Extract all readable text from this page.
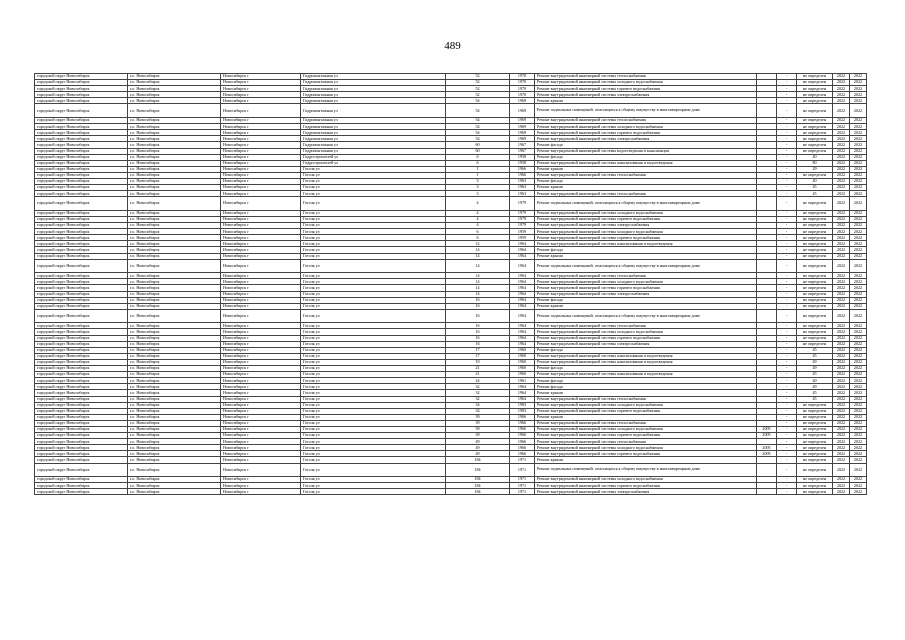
489
городской округ Новосибирск	г.о. Новосибирск	Новосибирск г	Гидромонтажная ул	52	1970	Ремонт внутридомовой инженерной системы теплоснабжения		-	не определен	2022	2022
городской округ Новосибирск	г.о. Новосибирск	Новосибирск г	Гидромонтажная ул	52	1970	Ремонт внутридомовой инженерной системы холодного водоснабжения		-	не определен	2022	2022
городской округ Новосибирск	г.о. Новосибирск	Новосибирск г	Гидромонтажная ул	52	1970	Ремонт внутридомовой инженерной системы горячего водоснабжения		-	не определен	2022	2022
городской округ Новосибирск	г.о. Новосибирск	Новосибирск г	Гидромонтажная ул	52	1970	Ремонт внутридомовой инженерной системы электроснабжения		-	не определен	2022	2022
городской округ Новосибирск	г.о. Новосибирск	Новосибирск г	Гидромонтажная ул	54	1969	Ремонт крыши		-	не определен	2022	2022
городской округ Новосибирск	г.о. Новосибирск	Новосибирск г	Гидромонтажная ул	54	1969	Ремонт подвальных помещений, относящихся к общему имуществу в многоквартирном доме		-	не определен	2022	2022
городской округ Новосибирск	г.о. Новосибирск	Новосибирск г	Гидромонтажная ул	54	1969	Ремонт внутридомовой инженерной системы теплоснабжения		-	не определен	2022	2022
городской округ Новосибирск	г.о. Новосибирск	Новосибирск г	Гидромонтажная ул	54	1969	Ремонт внутридомовой инженерной системы холодного водоснабжения		-	не определен	2022	2022
городской округ Новосибирск	г.о. Новосибирск	Новосибирск г	Гидромонтажная ул	54	1969	Ремонт внутридомовой инженерной системы горячего водоснабжения		-	не определен	2022	2022
городской округ Новосибирск	г.о. Новосибирск	Новосибирск г	Гидромонтажная ул	54	1969	Ремонт внутридомовой инженерной системы электроснабжения		-	не определен	2022	2022
городской округ Новосибирск	г.о. Новосибирск	Новосибирск г	Гидромонтажная ул	60	1967	Ремонт фасада		-	не определен	2022	2022
городской округ Новосибирск	г.о. Новосибирск	Новосибирск г	Гидромонтажная ул	60	1967	Ремонт внутридомовой инженерной системы водоотведения и канализации		-	не определен	2022	2022
городской округ Новосибирск	г.о. Новосибирск	Новосибирск г	Гидростроителей ул	6	1958	Ремонт фасада		-	40	2022	2022
городской округ Новосибирск	г.о. Новосибирск	Новосибирск г	Гидростроителей ул	6	1958	Ремонт внутридомовой инженерной системы канализования и водоотведения		-	80	2022	2022
городской округ Новосибирск	г.о. Новосибирск	Новосибирск г	Гоголя ул	1	1966	Ремонт крыши		-	29	2022	2022
городской округ Новосибирск	г.о. Новосибирск	Новосибирск г	Гоголя ул	1	1966	Ремонт внутридомовой инженерной системы теплоснабжения		-	не определен	2022	2022
городской округ Новосибирск	г.о. Новосибирск	Новосибирск г	Гоголя ул	3	1963	Ремонт фасада		-	40	2022	2022
городской округ Новосибирск	г.о. Новосибирск	Новосибирск г	Гоголя ул	3	1963	Ремонт крыши		-	45	2022	2022
городской округ Новосибирск	г.о. Новосибирск	Новосибирск г	Гоголя ул	3	1963	Ремонт внутридомовой инженерной системы теплоснабжения		-	45	2022	2022
городской округ Новосибирск	г.о. Новосибирск	Новосибирск г	Гоголя ул	4	1979	Ремонт подвальных помещений, относящихся к общему имуществу в многоквартирном доме		-	не определен	2022	2022
городской округ Новосибирск	г.о. Новосибирск	Новосибирск г	Гоголя ул	4	1979	Ремонт внутридомовой инженерной системы холодного водоснабжения		-	не определен	2022	2022
городской округ Новосибирск	г.о. Новосибирск	Новосибирск г	Гоголя ул	4	1979	Ремонт внутридомовой инженерной системы горячего водоснабжения		-	не определен	2022	2022
городской округ Новосибирск	г.о. Новосибирск	Новосибирск г	Гоголя ул	4	1979	Ремонт внутридомовой инженерной системы электроснабжения		-	не определен	2022	2022
городской округ Новосибирск	г.о. Новосибирск	Новосибирск г	Гоголя ул	6	1959	Ремонт внутридомовой инженерной системы холодного водоснабжения		-	не определен	2022	2022
городской округ Новосибирск	г.о. Новосибирск	Новосибирск г	Гоголя ул	6	1959	Ремонт внутридомовой инженерной системы горячего водоснабжения		-	не определен	2022	2022
городской округ Новосибирск	г.о. Новосибирск	Новосибирск г	Гоголя ул	12	1964	Ремонт внутридомовой инженерной системы канализования и водоотведения		-	не определен	2022	2022
городской округ Новосибирск	г.о. Новосибирск	Новосибирск г	Гоголя ул	14	1964	Ремонт фасада		-	не определен	2022	2022
городской округ Новосибирск	г.о. Новосибирск	Новосибирск г	Гоголя ул	14	1964	Ремонт крыши		-	не определен	2022	2022
городской округ Новосибирск	г.о. Новосибирск	Новосибирск г	Гоголя ул	14	1964	Ремонт подвальных помещений, относящихся к общему имуществу в многоквартирном доме		-	не определен	2022	2022
городской округ Новосибирск	г.о. Новосибирск	Новосибирск г	Гоголя ул	14	1964	Ремонт внутридомовой инженерной системы теплоснабжения		-	не определен	2022	2022
городской округ Новосибирск	г.о. Новосибирск	Новосибирск г	Гоголя ул	14	1964	Ремонт внутридомовой инженерной системы холодного водоснабжения		-	не определен	2022	2022
городской округ Новосибирск	г.о. Новосибирск	Новосибирск г	Гоголя ул	14	1964	Ремонт внутридомовой инженерной системы горячего водоснабжения		-	не определен	2022	2022
городской округ Новосибирск	г.о. Новосибирск	Новосибирск г	Гоголя ул	14	1964	Ремонт внутридомовой инженерной системы электроснабжения		-	не определен	2022	2022
городской округ Новосибирск	г.о. Новосибирск	Новосибирск г	Гоголя ул	16	1964	Ремонт фасада		-	не определен	2022	2022
городской округ Новосибирск	г.о. Новосибирск	Новосибирск г	Гоголя ул	16	1964	Ремонт крыши		-	не определен	2022	2022
городской округ Новосибирск	г.о. Новосибирск	Новосибирск г	Гоголя ул	16	1964	Ремонт подвальных помещений, относящихся к общему имуществу в многоквартирном доме		-	не определен	2022	2022
городской округ Новосибирск	г.о. Новосибирск	Новосибирск г	Гоголя ул	16	1964	Ремонт внутридомовой инженерной системы теплоснабжения		-	не определен	2022	2022
городской округ Новосибирск	г.о. Новосибирск	Новосибирск г	Гоголя ул	16	1964	Ремонт внутридомовой инженерной системы холодного водоснабжения		-	не определен	2022	2022
городской округ Новосибирск	г.о. Новосибирск	Новосибирск г	Гоголя ул	16	1964	Ремонт внутридомовой инженерной системы горячего водоснабжения		-	не определен	2022	2022
городской округ Новосибирск	г.о. Новосибирск	Новосибирск г	Гоголя ул	16	1964	Ремонт внутридомовой инженерной системы электроснабжения		-	не определен	2022	2022
городской округ Новосибирск	г.о. Новосибирск	Новосибирск г	Гоголя ул	17	1960	Ремонт фасада		-	45	2022	2022
городской округ Новосибирск	г.о. Новосибирск	Новосибирск г	Гоголя ул	17	1960	Ремонт внутридомовой инженерной системы канализования и водоотведения		-	45	2022	2022
городской округ Новосибирск	г.о. Новосибирск	Новосибирск г	Гоголя ул	19	1960	Ремонт внутридомовой инженерной системы канализования и водоотведения		-	49	2022	2022
городской округ Новосибирск	г.о. Новосибирск	Новосибирск г	Гоголя ул	21	1960	Ремонт фасада		-	49	2022	2022
городской округ Новосибирск	г.о. Новосибирск	Новосибирск г	Гоголя ул	21	1960	Ремонт внутридомовой инженерной системы канализования и водоотведения		-	45	2022	2022
городской округ Новосибирск	г.о. Новосибирск	Новосибирск г	Гоголя ул	24	1961	Ремонт фасада		-	40	2022	2022
городской округ Новосибирск	г.о. Новосибирск	Новосибирск г	Гоголя ул	32	1964	Ремонт фасада		-	49	2022	2022
городской округ Новосибирск	г.о. Новосибирск	Новосибирск г	Гоголя ул	32	1964	Ремонт крыши		-	45	2022	2022
городской округ Новосибирск	г.о. Новосибирск	Новосибирск г	Гоголя ул	32	1964	Ремонт внутридомовой инженерной системы теплоснабжения		-	45	2022	2022
городской округ Новосибирск	г.о. Новосибирск	Новосибирск г	Гоголя ул	34	1983	Ремонт внутридомовой инженерной системы холодного водоснабжения		-	не определен	2022	2022
городской округ Новосибирск	г.о. Новосибирск	Новосибирск г	Гоголя ул	34	1983	Ремонт внутридомовой инженерной системы горячего водоснабжения		-	не определен	2022	2022
городской округ Новосибирск	г.о. Новосибирск	Новосибирск г	Гоголя ул	39	1966	Ремонт крыши		-	не определен	2022	2022
городской округ Новосибирск	г.о. Новосибирск	Новосибирск г	Гоголя ул	39	1966	Ремонт внутридомовой инженерной системы теплоснабжения		-	не определен	2022	2022
городской округ Новосибирск	г.о. Новосибирск	Новосибирск г	Гоголя ул	39	1966	Ремонт внутридомовой инженерной системы холодного водоснабжения	2005	-	не определен	2022	2022
городской округ Новосибирск	г.о. Новосибирск	Новосибирск г	Гоголя ул	39	1966	Ремонт внутридомовой инженерной системы горячего водоснабжения	2005	-	не определен	2022	2022
городской округ Новосибирск	г.о. Новосибирск	Новосибирск г	Гоголя ул	49	1966	Ремонт внутридомовой инженерной системы теплоснабжения		-	не определен	2022	2022
городской округ Новосибирск	г.о. Новосибирск	Новосибирск г	Гоголя ул	49	1966	Ремонт внутридомовой инженерной системы холодного водоснабжения	2005	-	не определен	2022	2022
городской округ Новосибирск	г.о. Новосибирск	Новосибирск г	Гоголя ул	49	1966	Ремонт внутридомовой инженерной системы горячего водоснабжения	2005	-	не определен	2022	2022
городской округ Новосибирск	г.о. Новосибирск	Новосибирск г	Гоголя ул	184	1971	Ремонт крыши		-	не определен	2022	2022
городской округ Новосибирск	г.о. Новосибирск	Новосибирск г	Гоголя ул	184	1971	Ремонт подвальных помещений, относящихся к общему имуществу в многоквартирном доме		-	не определен	2022	2022
городской округ Новосибирск	г.о. Новосибирск	Новосибирск г	Гоголя ул	184	1971	Ремонт внутридомовой инженерной системы холодного водоснабжения		-	не определен	2022	2022
городской округ Новосибирск	г.о. Новосибирск	Новосибирск г	Гоголя ул	184	1971	Ремонт внутридомовой инженерной системы горячего водоснабжения		-	не определен	2022	2022
городской округ Новосибирск	г.о. Новосибирск	Новосибирск г	Гоголя ул	184	1971	Ремонт внутридомовой инженерной системы электроснабжения		-	не определен	2022	2022
